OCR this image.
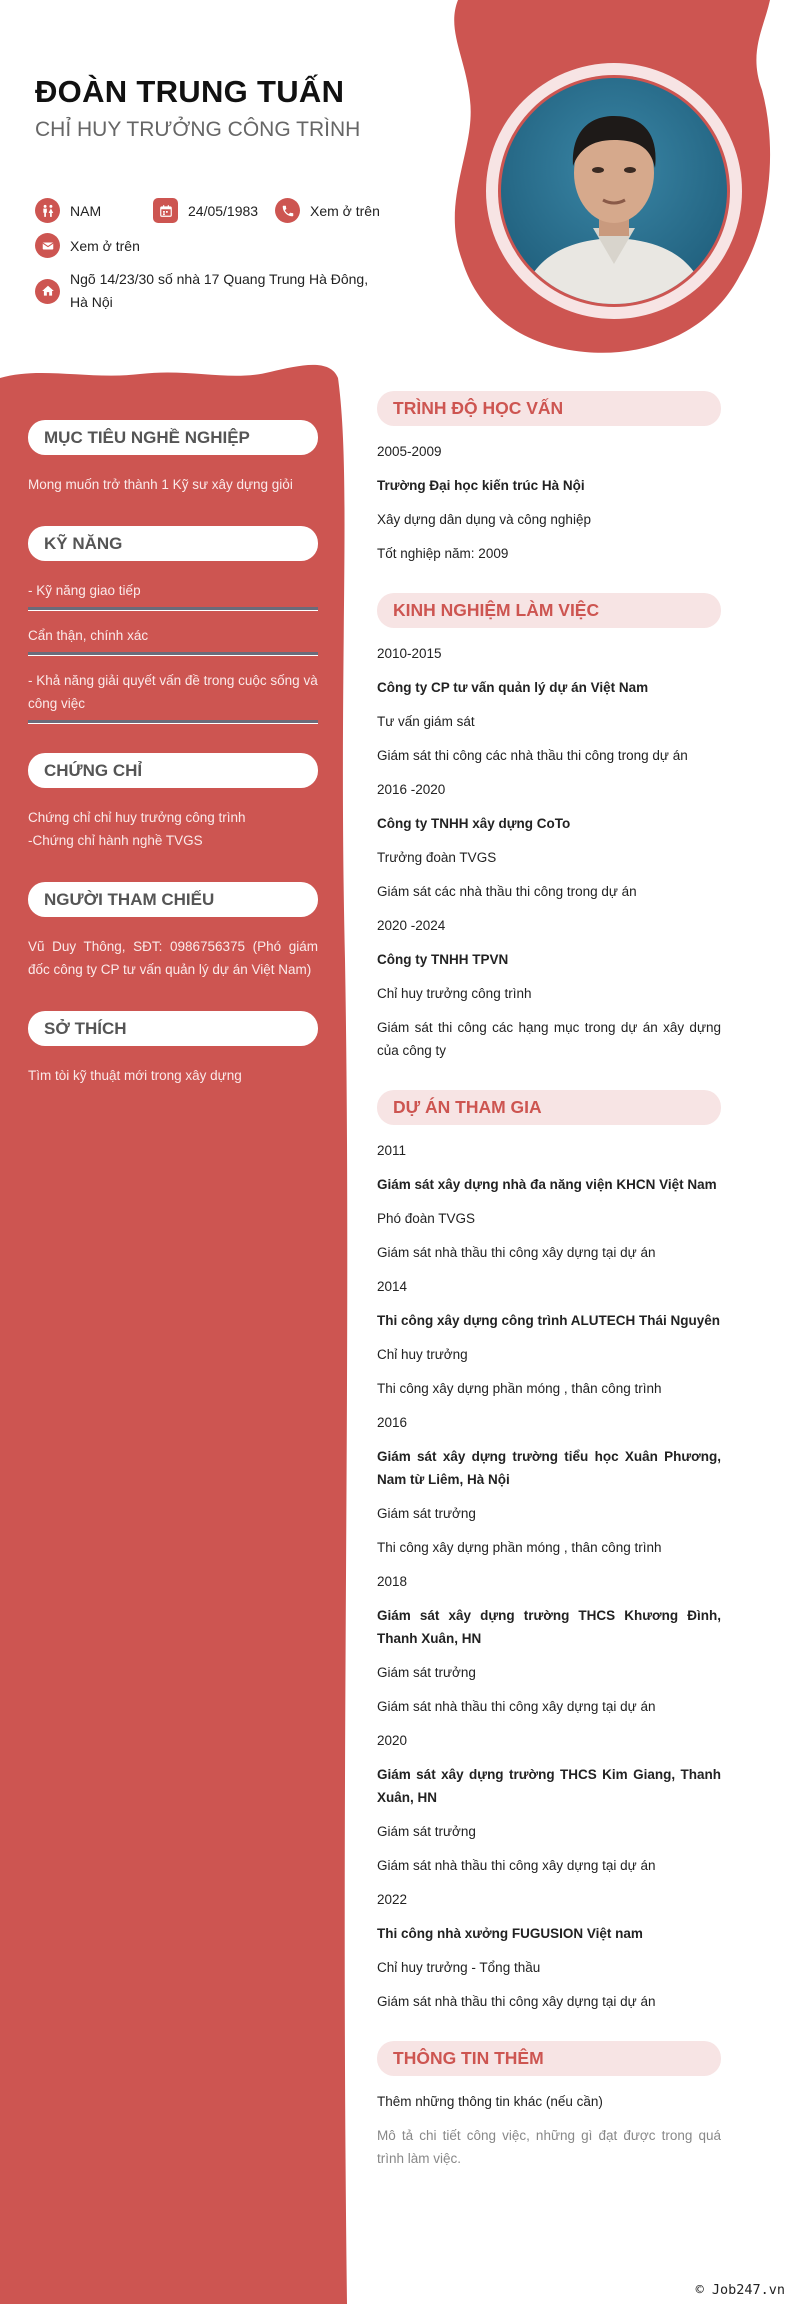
ĐOÀN TRUNG TUẤN
CHỈ HUY TRƯỞNG CÔNG TRÌNH
NAM	24/05/1983	Xem ở trên
Xem ở trên
Ngõ 14/23/30 số nhà 17 Quang Trung Hà Đông, Hà Nội
MỤC TIÊU NGHỀ NGHIỆP
Mong muốn trở thành 1 Kỹ sư xây dựng giỏi
KỸ NĂNG
- Kỹ năng giao tiếp
Cẩn thận, chính xác
- Khả năng giải quyết vấn đề trong cuộc sống và công việc
CHỨNG CHỈ
Chứng chỉ chỉ huy trưởng công trình
-Chứng chỉ hành nghề TVGS
NGƯỜI THAM CHIẾU
Vũ Duy Thông, SĐT: 0986756375 (Phó giám đốc công ty CP tư vấn quản lý dự án Việt Nam)
SỞ THÍCH
Tìm tòi kỹ thuật mới trong xây dựng
TRÌNH ĐỘ HỌC VẤN
2005-2009
Trường Đại học kiến trúc Hà Nội
Xây dựng dân dụng và công nghiệp
Tốt nghiệp năm: 2009
KINH NGHIỆM LÀM VIỆC
2010-2015
Công ty CP tư vấn quản lý dự án Việt Nam
Tư vấn giám sát
Giám sát thi công các nhà thầu thi công trong dự án
2016 -2020
Công ty TNHH xây dựng CoTo
Trưởng đoàn TVGS
Giám sát các nhà thầu thi công trong dự án
2020 -2024
Công ty TNHH TPVN
Chỉ huy trưởng công trình
Giám sát thi công các hạng mục trong dự án xây dựng của công ty
DỰ ÁN THAM GIA
2011
Giám sát xây dựng nhà đa năng viện KHCN Việt Nam
Phó đoàn TVGS
Giám sát nhà thầu thi công xây dựng tại dự án
2014
Thi công xây dựng công trình ALUTECH Thái Nguyên
Chỉ huy trưởng
Thi công xây dựng phần móng , thân công trình
2016
Giám sát xây dựng trường tiểu học Xuân Phương, Nam từ Liêm, Hà Nội
Giám sát trưởng
Thi công xây dựng phần móng , thân công trình
2018
Giám sát xây dựng trường THCS Khương Đình, Thanh Xuân, HN
Giám sát trưởng
Giám sát nhà thầu thi công xây dựng tại dự án
2020
Giám sát xây dựng trường THCS Kim Giang, Thanh Xuân, HN
Giám sát trưởng
Giám sát nhà thầu thi công xây dựng tại dự án
2022
Thi công nhà xưởng FUGUSION Việt nam
Chỉ huy trưởng - Tổng thầu
Giám sát nhà thầu thi công xây dựng tại dự án
THÔNG TIN THÊM
Thêm những thông tin khác (nếu cần)
Mô tả chi tiết công việc, những gì đạt được trong quá trình làm việc.
© Job247.vn
